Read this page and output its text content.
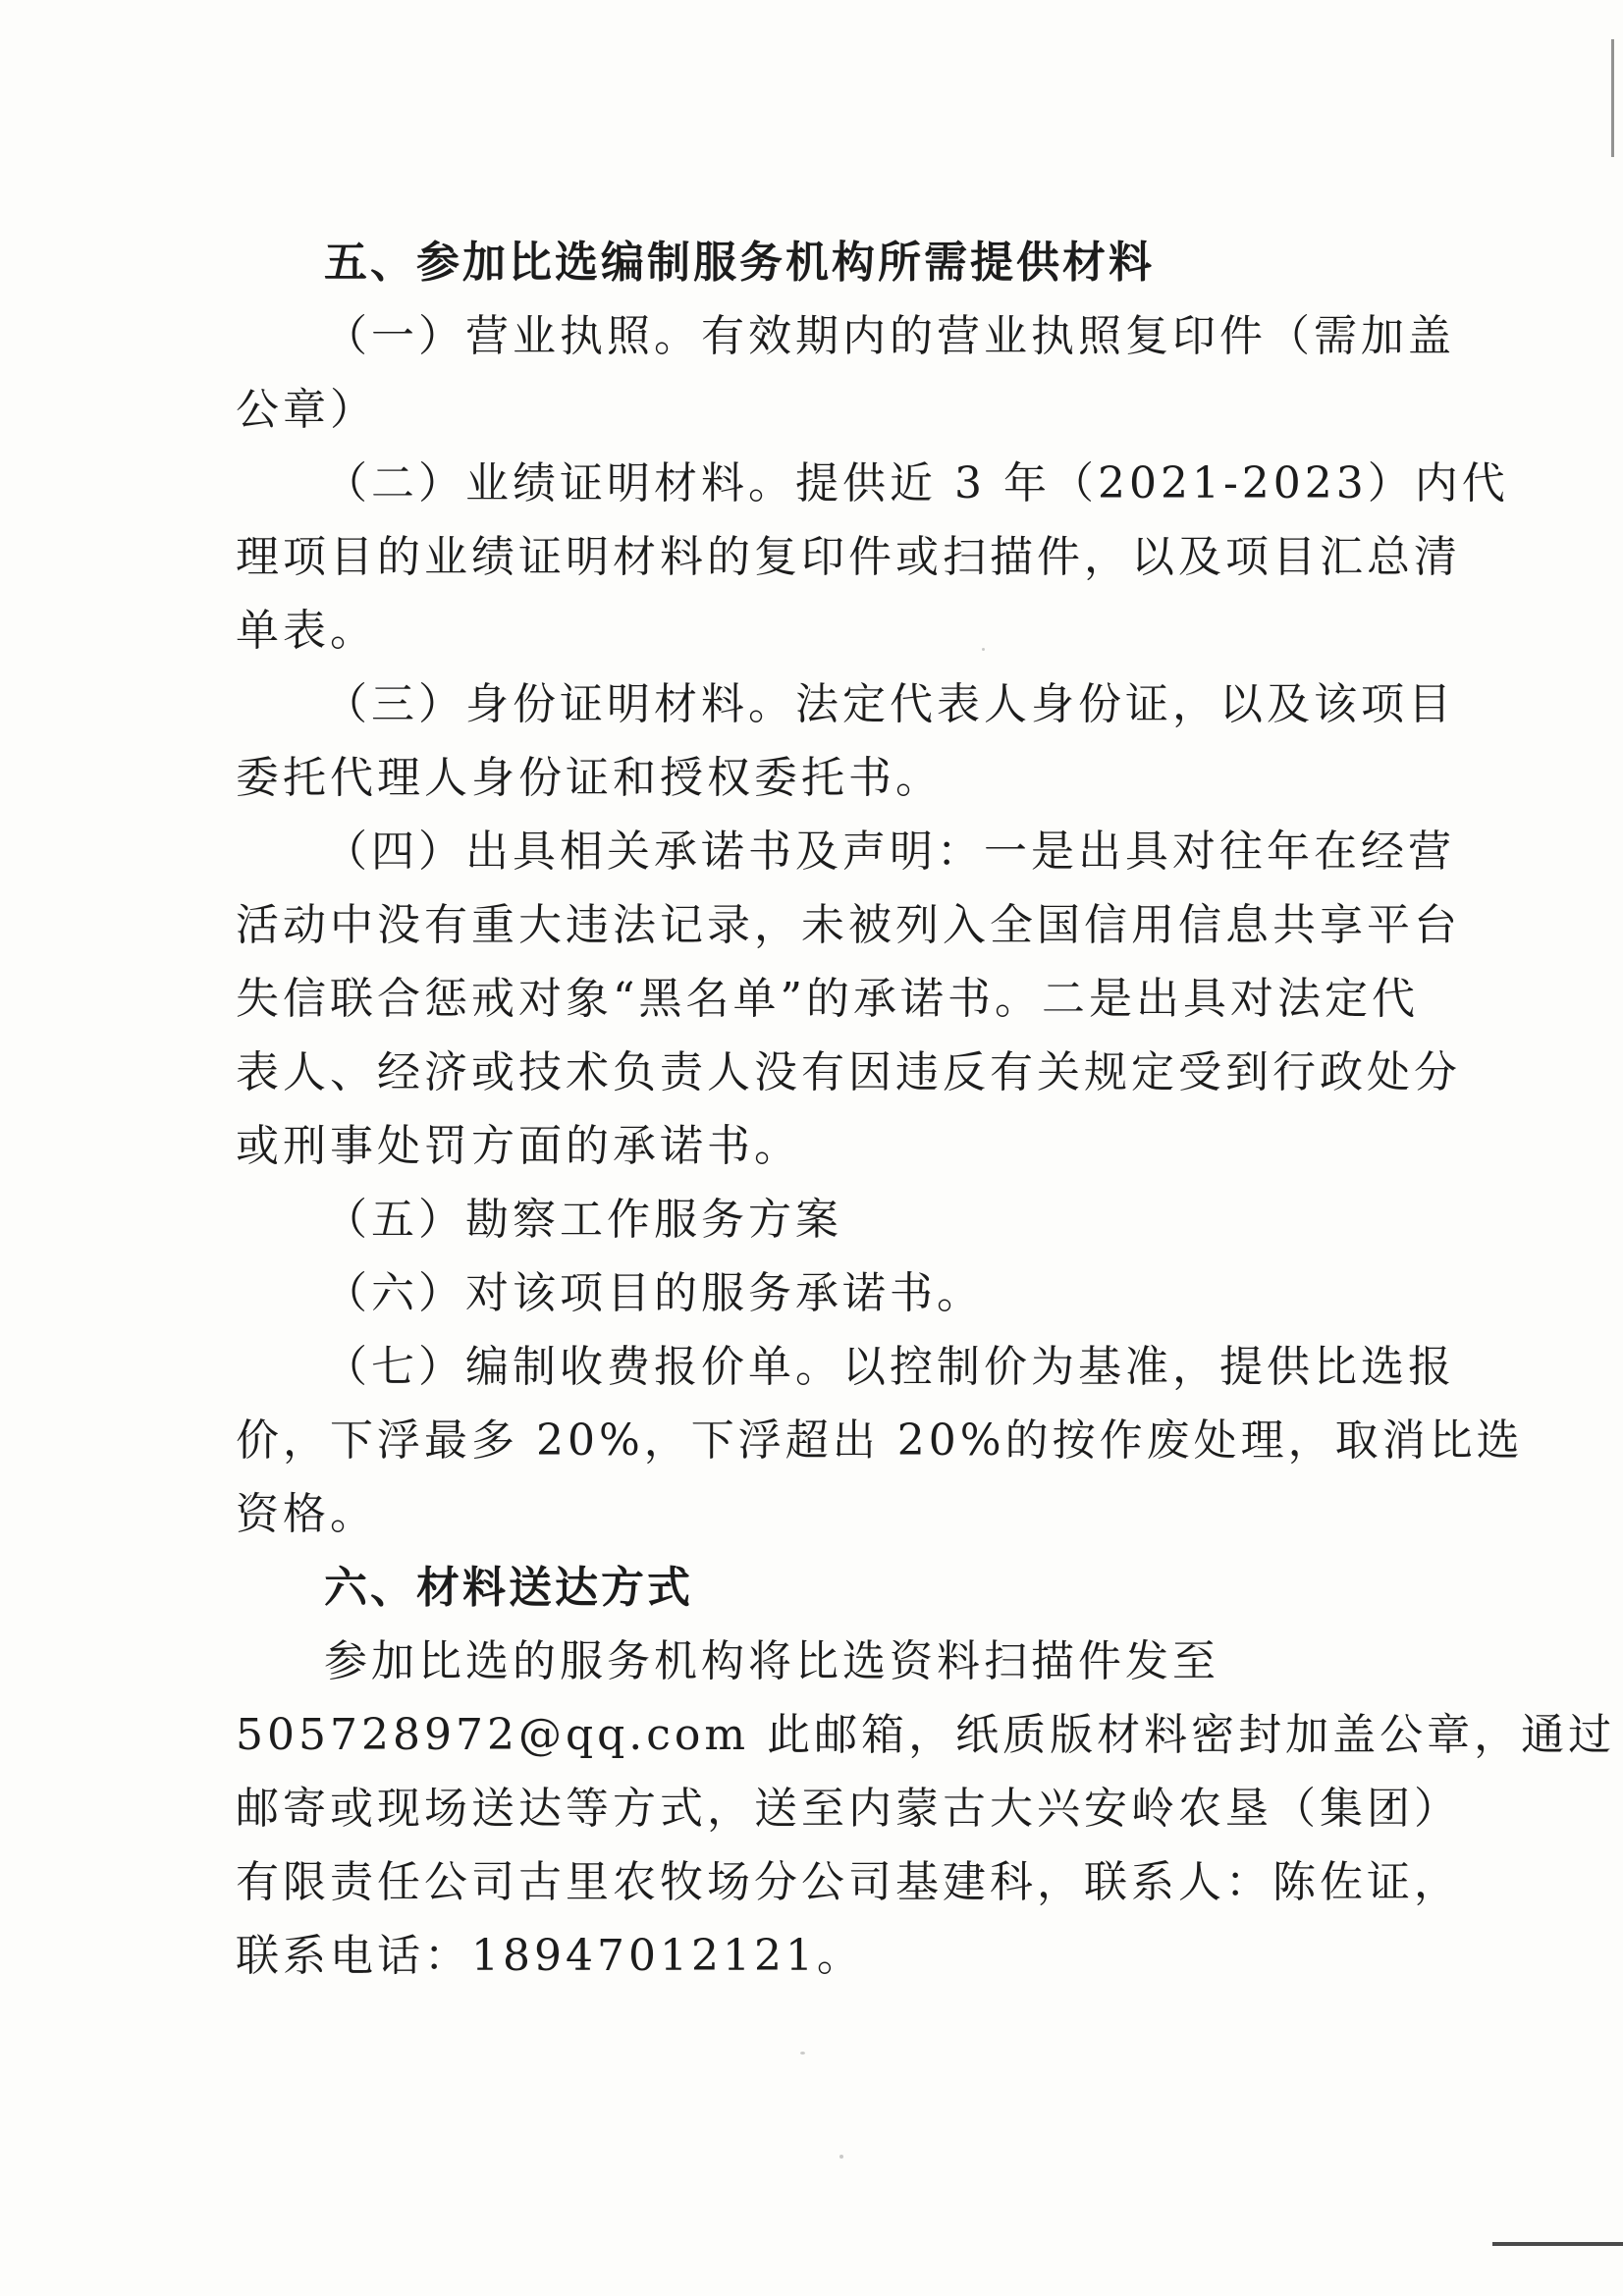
五、参加比选编制服务机构所需提供材料
（一）营业执照。有效期内的营业执照复印件（需加盖
公章）
（二）业绩证明材料。提供近 3 年（2021-2023）内代
理项目的业绩证明材料的复印件或扫描件，以及项目汇总清
单表。
（三）身份证明材料。法定代表人身份证，以及该项目
委托代理人身份证和授权委托书。
（四）出具相关承诺书及声明：一是出具对往年在经营
活动中没有重大违法记录，未被列入全国信用信息共享平台
失信联合惩戒对象“黑名单”的承诺书。二是出具对法定代
表人、经济或技术负责人没有因违反有关规定受到行政处分
或刑事处罚方面的承诺书。
（五）勘察工作服务方案
（六）对该项目的服务承诺书。
（七）编制收费报价单。以控制价为基准，提供比选报
价，下浮最多 20%，下浮超出 20%的按作废处理，取消比选
资格。
六、材料送达方式
参加比选的服务机构将比选资料扫描件发至
505728972@qq.com 此邮箱，纸质版材料密封加盖公章，通过
邮寄或现场送达等方式，送至内蒙古大兴安岭农垦（集团）
有限责任公司古里农牧场分公司基建科，联系人：陈佐证，
联系电话：18947012121。
